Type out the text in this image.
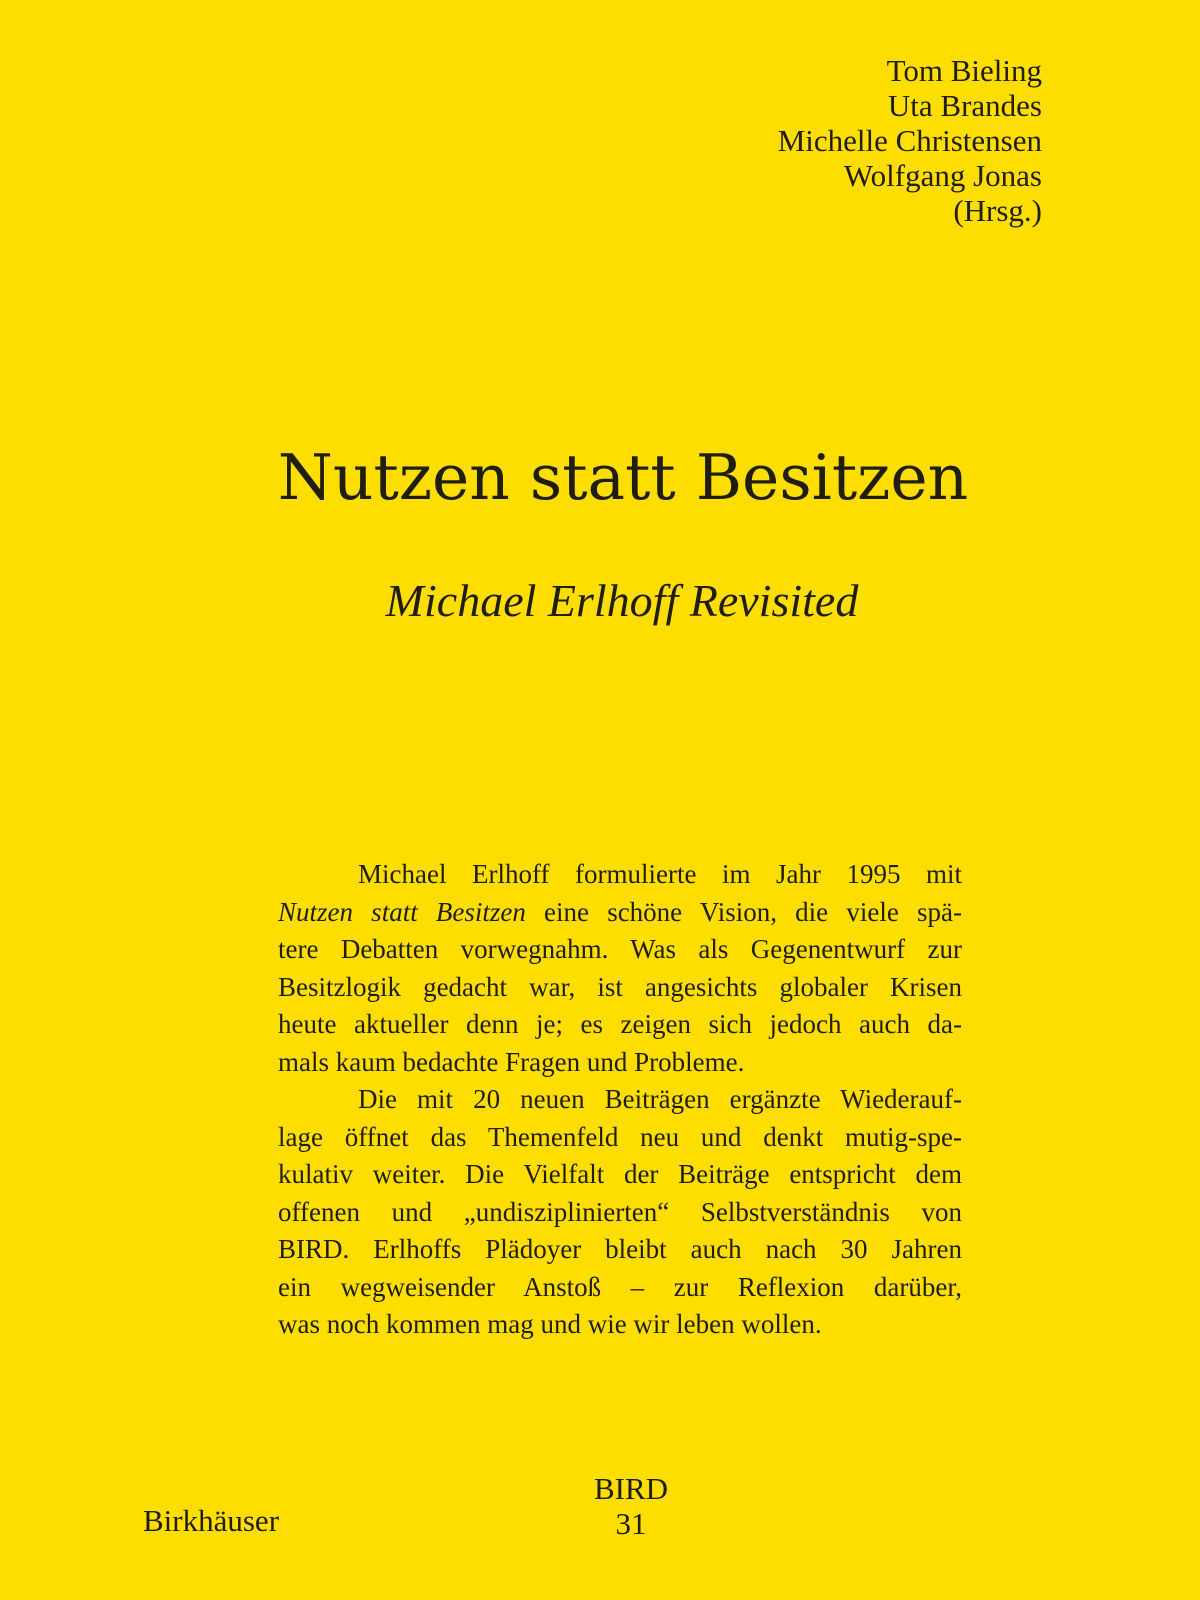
Tom Bieling
Uta Brandes
Michelle Christensen
Wolfgang Jonas
(Hrsg.)
Nutzen statt Besitzen
Michael Erlhoff Revisited
Michael Erlhoff formulierte im Jahr 1995 mit
Nutzen statt Besitzen eine schöne Vision, die viele spä-
tere Debatten vorwegnahm. Was als Gegenentwurf zur
Besitzlogik gedacht war, ist angesichts globaler Krisen
heute aktueller denn je; es zeigen sich jedoch auch da-
mals kaum bedachte Fragen und Probleme.
Die mit 20 neuen Beiträgen ergänzte Wiederauf-
lage öffnet das Themenfeld neu und denkt mutig-spe-
kulativ weiter. Die Vielfalt der Beiträge entspricht dem
offenen und „undisziplinierten“ Selbstverständnis von
BIRD. Erlhoffs Plädoyer bleibt auch nach 30 Jahren
ein wegweisender Anstoß – zur Reflexion darüber,
was noch kommen mag und wie wir leben wollen.
BIRD
31
Birkhäuser
